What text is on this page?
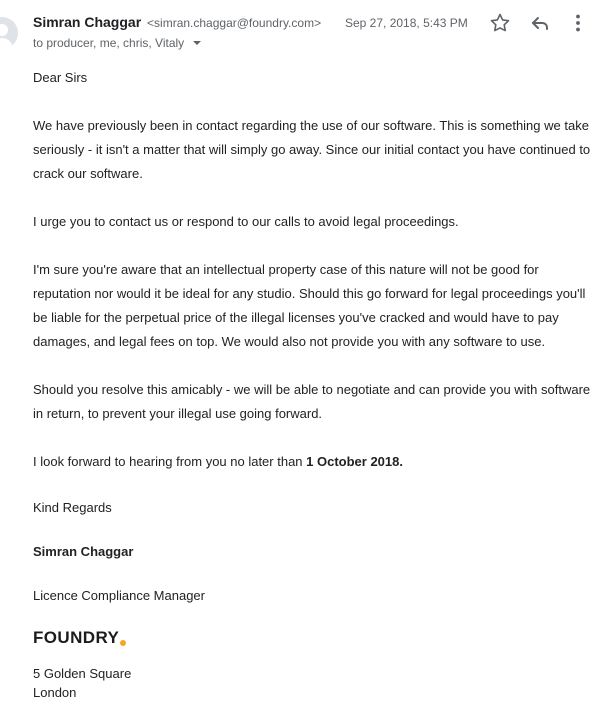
Simran Chaggar <simran.chaggar@foundry.com>
to producer, me, chris, Vitaly
Sep 27, 2018, 5:43 PM

Dear Sirs

We have previously been in contact regarding the use of our software. This is something we take seriously - it isn't a matter that will simply go away. Since our initial contact you have continued to crack our software.

I urge you to contact us or respond to our calls to avoid legal proceedings.

I'm sure you're aware that an intellectual property case of this nature will not be good for reputation nor would it be ideal for any studio. Should this go forward for legal proceedings you'll be liable for the perpetual price of the illegal licenses you've cracked and would have to pay damages, and legal fees on top. We would also not provide you with any software to use.

Should you resolve this amicably - we will be able to negotiate and can provide you with software in return, to prevent your illegal use going forward.

I look forward to hearing from you no later than 1 October 2018.

Kind Regards

Simran Chaggar

Licence Compliance Manager

FOUNDRY
5 Golden Square
London
